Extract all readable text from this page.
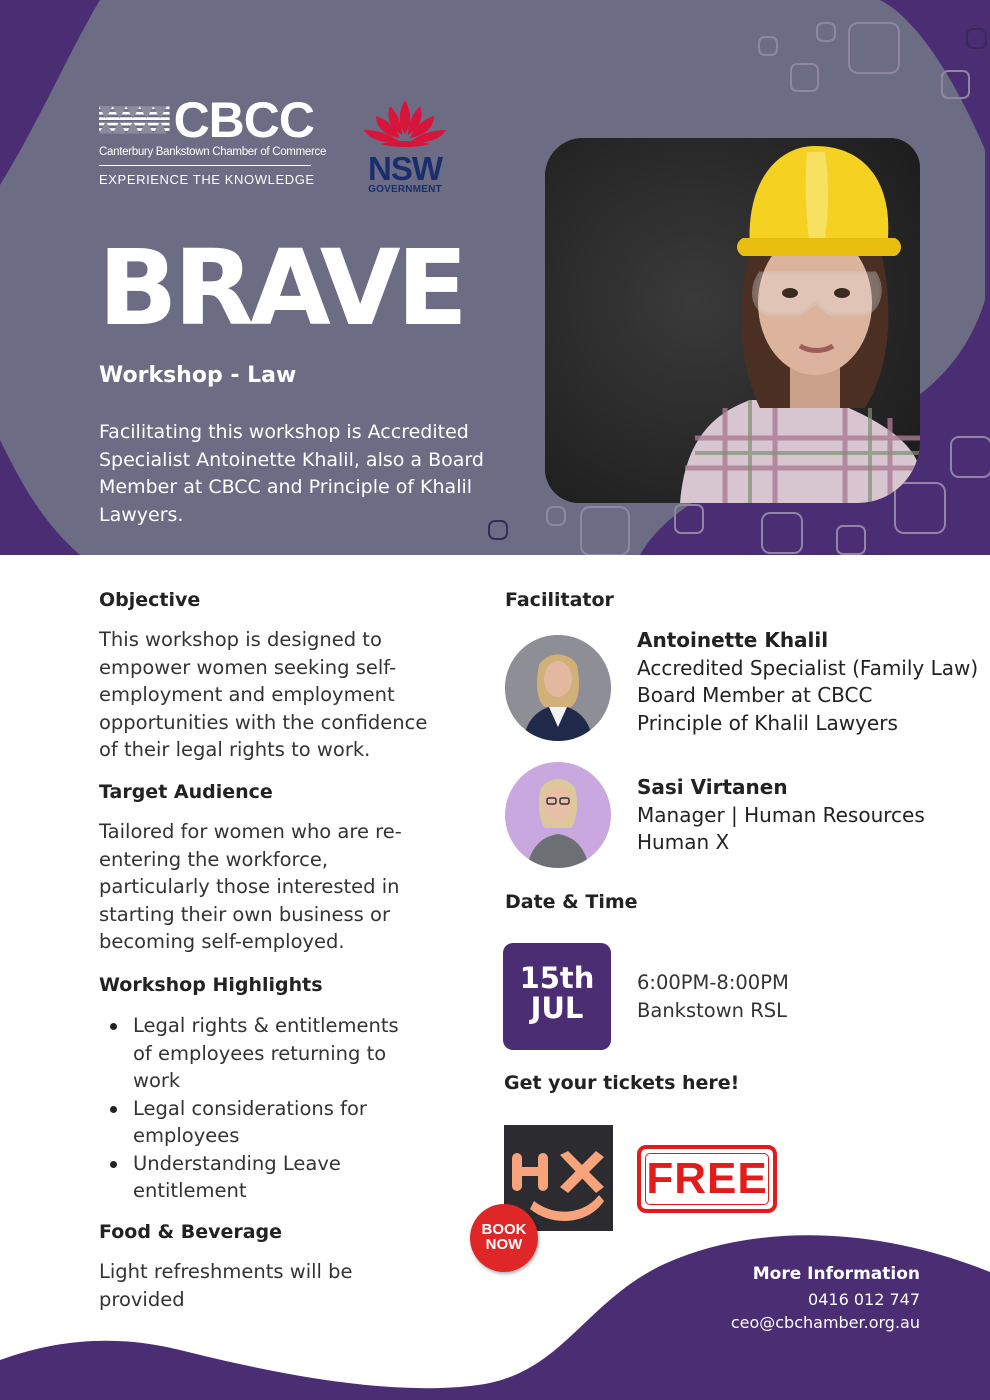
CBCC
Canterbury Bankstown Chamber of Commerce
EXPERIENCE THE KNOWLEDGE NSW
GOVERNMENT
BRAVE
Workshop - Law
Facilitating this workshop is Accredited Specialist Antoinette Khalil, also a Board Member at CBCC and Principle of Khalil Lawyers.
Objective
This workshop is designed to empower women seeking self-employment and employment opportunities with the confidence of their legal rights to work.
Target Audience
Tailored for women who are re-entering the workforce, particularly those interested in starting their own business or becoming self-employed.
Workshop Highlights
Legal rights & entitlements of employees returning to work
Legal considerations for employees
Understanding Leave entitlement
Food & Beverage
Light refreshments will be provided
Facilitator
Antoinette Khalil
Accredited Specialist (Family Law)
Board Member at CBCC
Principle of Khalil Lawyers
Sasi Virtanen
Manager | Human Resources
Human X
Date & Time
15th
JUL
6:00PM-8:00PM
Bankstown RSL
Get your tickets here!
BOOK
NOW
FREE
More Information
0416 012 747
ceo@cbchamber.org.au
